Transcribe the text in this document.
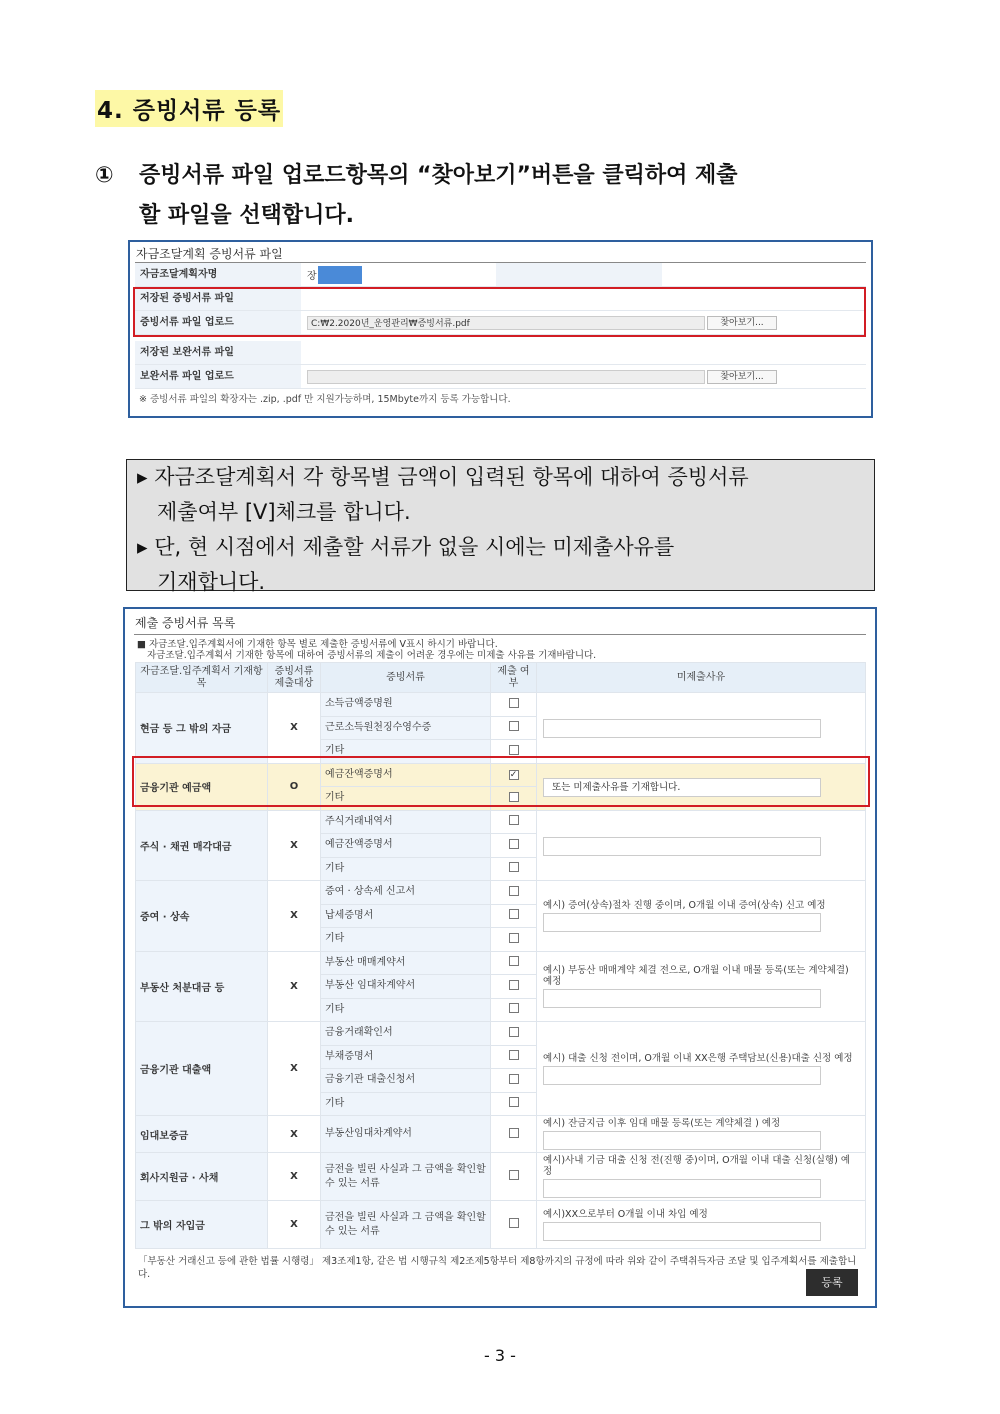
4. 증빙서류 등록
① 증빙서류 파일 업로드항목의 “찾아보기”버튼을 클릭하여 제출
할 파일을 선택합니다.
자금조달계획 증빙서류 파일
자금조달계획자명	장
저장된 증빙서류 파일
증빙서류 파일 업로드	C:₩2.2020년_운영관리₩증빙서류.pdf	찾아보기...
저장된 보완서류 파일
보완서류 파일 업로드	찾아보기...
※ 증빙서류 파일의 확장자는 .zip, .pdf 만 지원가능하며, 15Mbyte까지 등록 가능합니다.
▸ 자금조달계획서 각 항목별 금액이 입력된 항목에 대하여 증빙서류
제출여부 [V]체크를 합니다.
▸ 단, 현 시점에서 제출할 서류가 없을 시에는 미제출사유를
기재합니다.
제출 증빙서류 목록
■ 자금조달.입주계획서에 기재한 항목 별로 제출한 증빙서류에 V표시 하시기 바랍니다.
자금조달.입주계획서 기재한 항목에 대하여 증빙서류의 제출이 어려운 경우에는 미제출 사유를 기재바랍니다.
자금조달.입주계획서 기재항목	증빙서류 제출대상	증빙서류	제출 여부	미제출사유
현금 등 그 밖의 자금	X	소득금액증명원		

		근로소득원천징수영수증		
		기타		
금융기관 예금액	O	예금잔액증명서	✓	또는 미제출사유를 기재합니다.

		기타		
주식 · 채권 매각대금	X	주식거래내역서		

		예금잔액증명서		
		기타		
증여 · 상속	X	증여 · 상속세 신고서		예시) 증여(상속)절차 진행 중이며, O개월 이내 증여(상속) 신고 예정

		납세증명서		
		기타		
부동산 처분대금 등	X	부동산 매매계약서		예시) 부동산 매매계약 체결 전으로, O개월 이내 매물 등록(또는 계약체결) 예정

		부동산 임대차계약서		
		기타		
금융기관 대출액	X	금융거래확인서		예시) 대출 신청 전이며, O개월 이내 XX은행 주택담보(신용)대출 신정 예정

		부채증명서		
		금융기관 대출신청서		
		기타		
임대보증금	X	부동산임대차계약서		예시) 잔금지급 이후 임대 매물 등록(또는 계약체결 ) 예정

회사지원금 · 사채	X	금전을 빌린 사실과 그 금액을 확인할 수 있는 서류		예시)사내 기금 대출 신청 전(진행 중)이며, O개월 이내 대출 신청(실행) 예정

그 밖의 자입금	X	금전을 빌린 사실과 그 금액을 확인할 수 있는 서류		예시)XX으로부터 O개월 이내 차입 예정
「부동산 거래신고 등에 관한 법률 시행령」 제3조제1항, 같은 법 시행규칙 제2조제5항부터 제8항까지의 규정에 따라 위와 같이 주택취득자금 조달 및 입주계획서를 제출합니다.
등록
- 3 -
